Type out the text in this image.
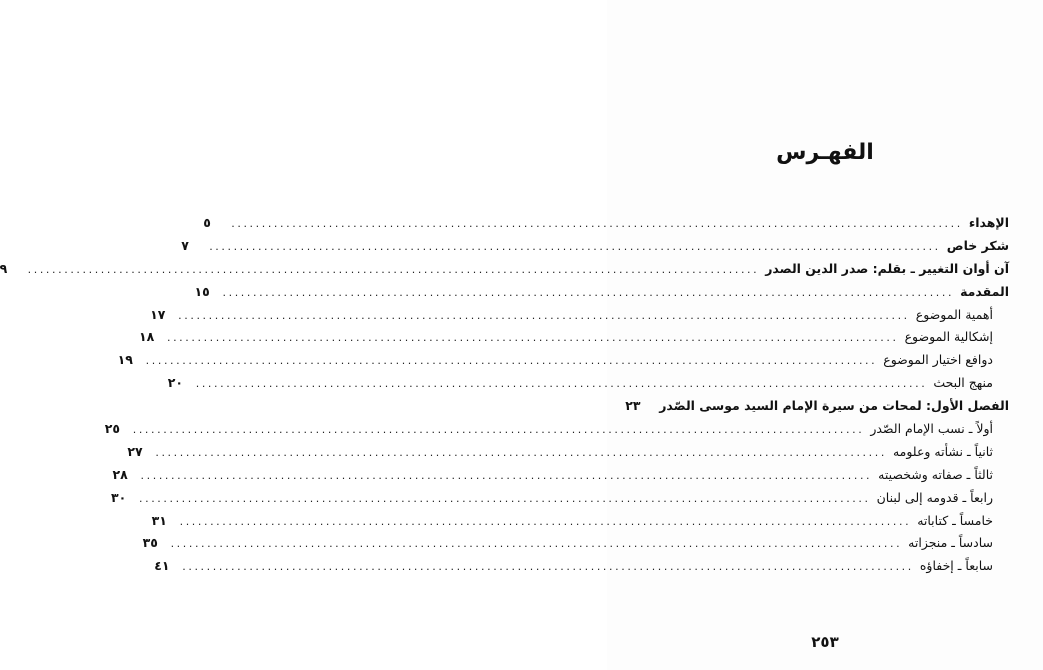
الفهـرس
الإهداء
........................................................................................................................
٥
شكر خاص
........................................................................................................................
٧
آن أوان التغيير ـ بقلم: صدر الدين الصدر
........................................................................................................................
٩
المقدمة
........................................................................................................................
١٥
أهمية الموضوع
........................................................................................................................
١٧
إشكالية الموضوع
........................................................................................................................
١٨
دوافع اختيار الموضوع
........................................................................................................................
١٩
منهج البحث
........................................................................................................................
٢٠
الفصل الأول: لمحات من سيرة الإمام السيد موسى الصّدر
٢٣
أولاً ـ نسب الإمام الصّدر
........................................................................................................................
٢٥
ثانياً ـ نشأته وعلومه
........................................................................................................................
٢٧
ثالثاً ـ صفاته وشخصيته
........................................................................................................................
٢٨
رابعاً ـ قدومه إلى لبنان
........................................................................................................................
٣٠
خامساً ـ كتاباته
........................................................................................................................
٣١
سادساً ـ منجزاته
........................................................................................................................
٣٥
سابعاً ـ إخفاؤه
........................................................................................................................
٤١
٢٥٣
